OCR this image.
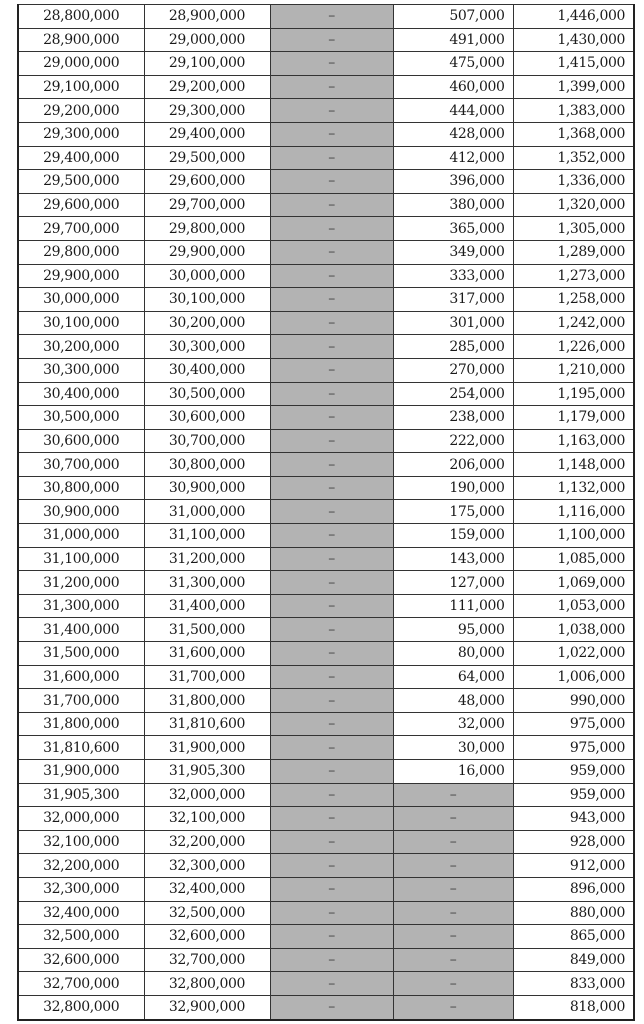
28,800,000	28,900,000	–	507,000	1,446,000
28,900,000	29,000,000	–	491,000	1,430,000
29,000,000	29,100,000	–	475,000	1,415,000
29,100,000	29,200,000	–	460,000	1,399,000
29,200,000	29,300,000	–	444,000	1,383,000
29,300,000	29,400,000	–	428,000	1,368,000
29,400,000	29,500,000	–	412,000	1,352,000
29,500,000	29,600,000	–	396,000	1,336,000
29,600,000	29,700,000	–	380,000	1,320,000
29,700,000	29,800,000	–	365,000	1,305,000
29,800,000	29,900,000	–	349,000	1,289,000
29,900,000	30,000,000	–	333,000	1,273,000
30,000,000	30,100,000	–	317,000	1,258,000
30,100,000	30,200,000	–	301,000	1,242,000
30,200,000	30,300,000	–	285,000	1,226,000
30,300,000	30,400,000	–	270,000	1,210,000
30,400,000	30,500,000	–	254,000	1,195,000
30,500,000	30,600,000	–	238,000	1,179,000
30,600,000	30,700,000	–	222,000	1,163,000
30,700,000	30,800,000	–	206,000	1,148,000
30,800,000	30,900,000	–	190,000	1,132,000
30,900,000	31,000,000	–	175,000	1,116,000
31,000,000	31,100,000	–	159,000	1,100,000
31,100,000	31,200,000	–	143,000	1,085,000
31,200,000	31,300,000	–	127,000	1,069,000
31,300,000	31,400,000	–	111,000	1,053,000
31,400,000	31,500,000	–	95,000	1,038,000
31,500,000	31,600,000	–	80,000	1,022,000
31,600,000	31,700,000	–	64,000	1,006,000
31,700,000	31,800,000	–	48,000	990,000
31,800,000	31,810,600	–	32,000	975,000
31,810,600	31,900,000	–	30,000	975,000
31,900,000	31,905,300	–	16,000	959,000
31,905,300	32,000,000	–	–	959,000
32,000,000	32,100,000	–	–	943,000
32,100,000	32,200,000	–	–	928,000
32,200,000	32,300,000	–	–	912,000
32,300,000	32,400,000	–	–	896,000
32,400,000	32,500,000	–	–	880,000
32,500,000	32,600,000	–	–	865,000
32,600,000	32,700,000	–	–	849,000
32,700,000	32,800,000	–	–	833,000
32,800,000	32,900,000	–	–	818,000
